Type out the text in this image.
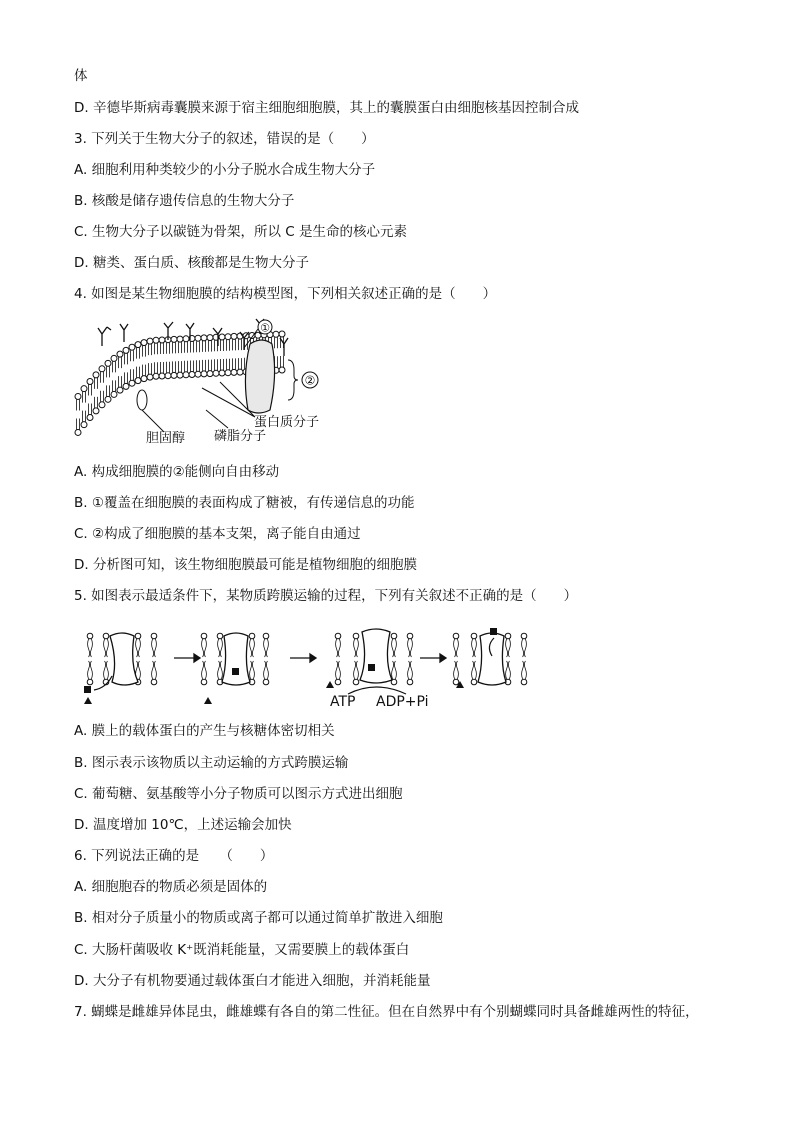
体
D. 辛德毕斯病毒囊膜来源于宿主细胞细胞膜，其上的囊膜蛋白由细胞核基因控制合成
3. 下列关于生物大分子的叙述，错误的是（　　）
A. 细胞利用种类较少的小分子脱水合成生物大分子
B. 核酸是储存遗传信息的生物大分子
C. 生物大分子以碳链为骨架，所以 C 是生命的核心元素
D. 糖类、蛋白质、核酸都是生物大分子
4. 如图是某生物细胞膜的结构模型图，下列相关叙述正确的是（　　）
①
②
蛋白质分子
胆固醇 磷脂分子
A. 构成细胞膜的②能侧向自由移动
B. ①覆盖在细胞膜的表面构成了糖被，有传递信息的功能
C. ②构成了细胞膜的基本支架，离子能自由通过
D. 分析图可知，该生物细胞膜最可能是植物细胞的细胞膜
5. 如图表示最适条件下，某物质跨膜运输的过程，下列有关叙述不正确的是（　　）
ATP ADP+Pi
A. 膜上的载体蛋白的产生与核糖体密切相关
B. 图示表示该物质以主动运输的方式跨膜运输
C. 葡萄糖、氨基酸等小分子物质可以图示方式进出细胞
D. 温度增加 10℃，上述运输会加快
6. 下列说法正确的是　　（　　）
A. 细胞胞吞的物质必须是固体的
B. 相对分子质量小的物质或离子都可以通过简单扩散进入细胞
C. 大肠杆菌吸收 K⁺既消耗能量，又需要膜上的载体蛋白
D. 大分子有机物要通过载体蛋白才能进入细胞，并消耗能量
7. 蝴蝶是雌雄异体昆虫，雌雄蝶有各自的第二性征。但在自然界中有个别蝴蝶同时具备雌雄两性的特征，
